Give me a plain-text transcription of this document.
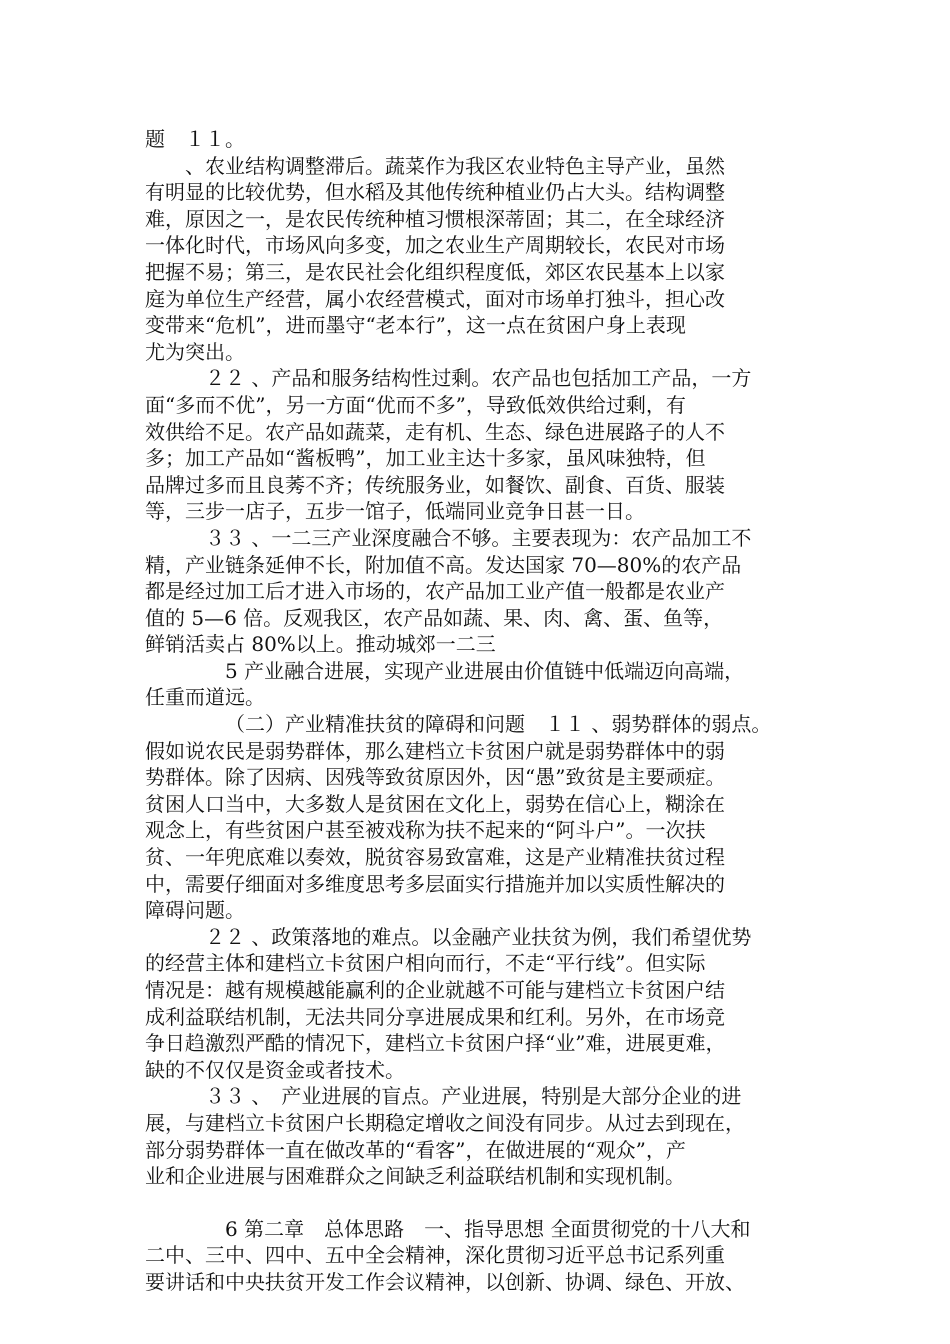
题　１１。
、农业结构调整滞后。蔬菜作为我区农业特色主导产业，虽然
有明显的比较优势，但水稻及其他传统种植业仍占大头。结构调整
难，原因之一，是农民传统种植习惯根深蒂固；其二，在全球经济
一体化时代，市场风向多变，加之农业生产周期较长，农民对市场
把握不易；第三，是农民社会化组织程度低，郊区农民基本上以家
庭为单位生产经营，属小农经营模式，面对市场单打独斗，担心改
变带来“危机”，进而墨守“老本行”，这一点在贫困户身上表现
尤为突出。
２２ 、产品和服务结构性过剩。农产品也包括加工产品，一方
面“多而不优”，另一方面“优而不多”，导致低效供给过剩，有
效供给不足。农产品如蔬菜，走有机、生态、绿色进展路子的人不
多；加工产品如“酱板鸭”，加工业主达十多家，虽风味独特，但
品牌过多而且良莠不齐；传统服务业，如餐饮、副食、百货、服装
等，三步一店子，五步一馆子，低端同业竞争日甚一日。
３３ 、一二三产业深度融合不够。主要表现为：农产品加工不
精，产业链条延伸不长，附加值不高。发达国家 70—80%的农产品
都是经过加工后才进入市场的，农产品加工业产值一般都是农业产
值的 5—6 倍。反观我区，农产品如蔬、果、肉、禽、蛋、鱼等，
鲜销活卖占 80%以上。推动城郊一二三
5 产业融合进展，实现产业进展由价值链中低端迈向高端，
任重而道远。
（二）产业精准扶贫的障碍和问题　１１ 、弱势群体的弱点。
假如说农民是弱势群体，那么建档立卡贫困户就是弱势群体中的弱
势群体。除了因病、因残等致贫原因外，因“愚”致贫是主要顽症。
贫困人口当中，大多数人是贫困在文化上，弱势在信心上，糊涂在
观念上，有些贫困户甚至被戏称为扶不起来的“阿斗户”。一次扶
贫、一年兜底难以奏效，脱贫容易致富难，这是产业精准扶贫过程
中，需要仔细面对多维度思考多层面实行措施并加以实质性解决的
障碍问题。
２２ 、政策落地的难点。以金融产业扶贫为例，我们希望优势
的经营主体和建档立卡贫困户相向而行，不走“平行线”。但实际
情况是：越有规模越能赢利的企业就越不可能与建档立卡贫困户结
成利益联结机制，无法共同分享进展成果和红利。另外，在市场竞
争日趋激烈严酷的情况下，建档立卡贫困户择“业”难，进展更难，
缺的不仅仅是资金或者技术。
３３ 、　产业进展的盲点。产业进展，特别是大部分企业的进
展，与建档立卡贫困户长期稳定增收之间没有同步。从过去到现在，
部分弱势群体一直在做改革的“看客”，在做进展的“观众”，产
业和企业进展与困难群众之间缺乏利益联结机制和实现机制。
6 第二章　总体思路　一、指导思想 全面贯彻党的十八大和
二中、三中、四中、五中全会精神，深化贯彻习近平总书记系列重
要讲话和中央扶贫开发工作会议精神，以创新、协调、绿色、开放、
